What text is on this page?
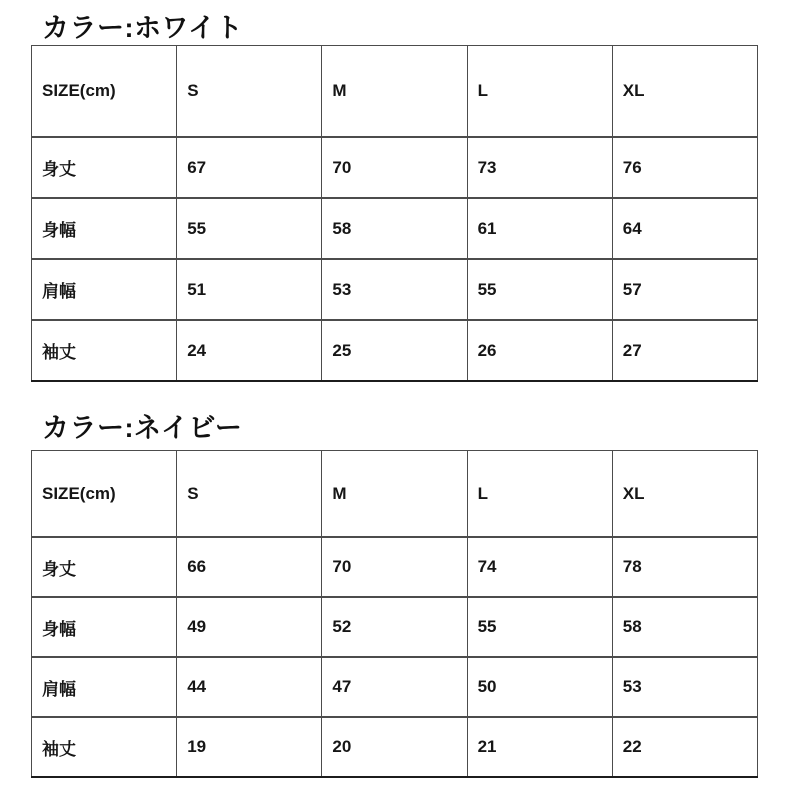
カラー:ホワイト
SIZE(cm)	S	M	L	XL
身丈	67	70	73	76
身幅	55	58	61	64
肩幅	51	53	55	57
袖丈	24	25	26	27
カラー:ネイビー
SIZE(cm)	S	M	L	XL
身丈	66	70	74	78
身幅	49	52	55	58
肩幅	44	47	50	53
袖丈	19	20	21	22
